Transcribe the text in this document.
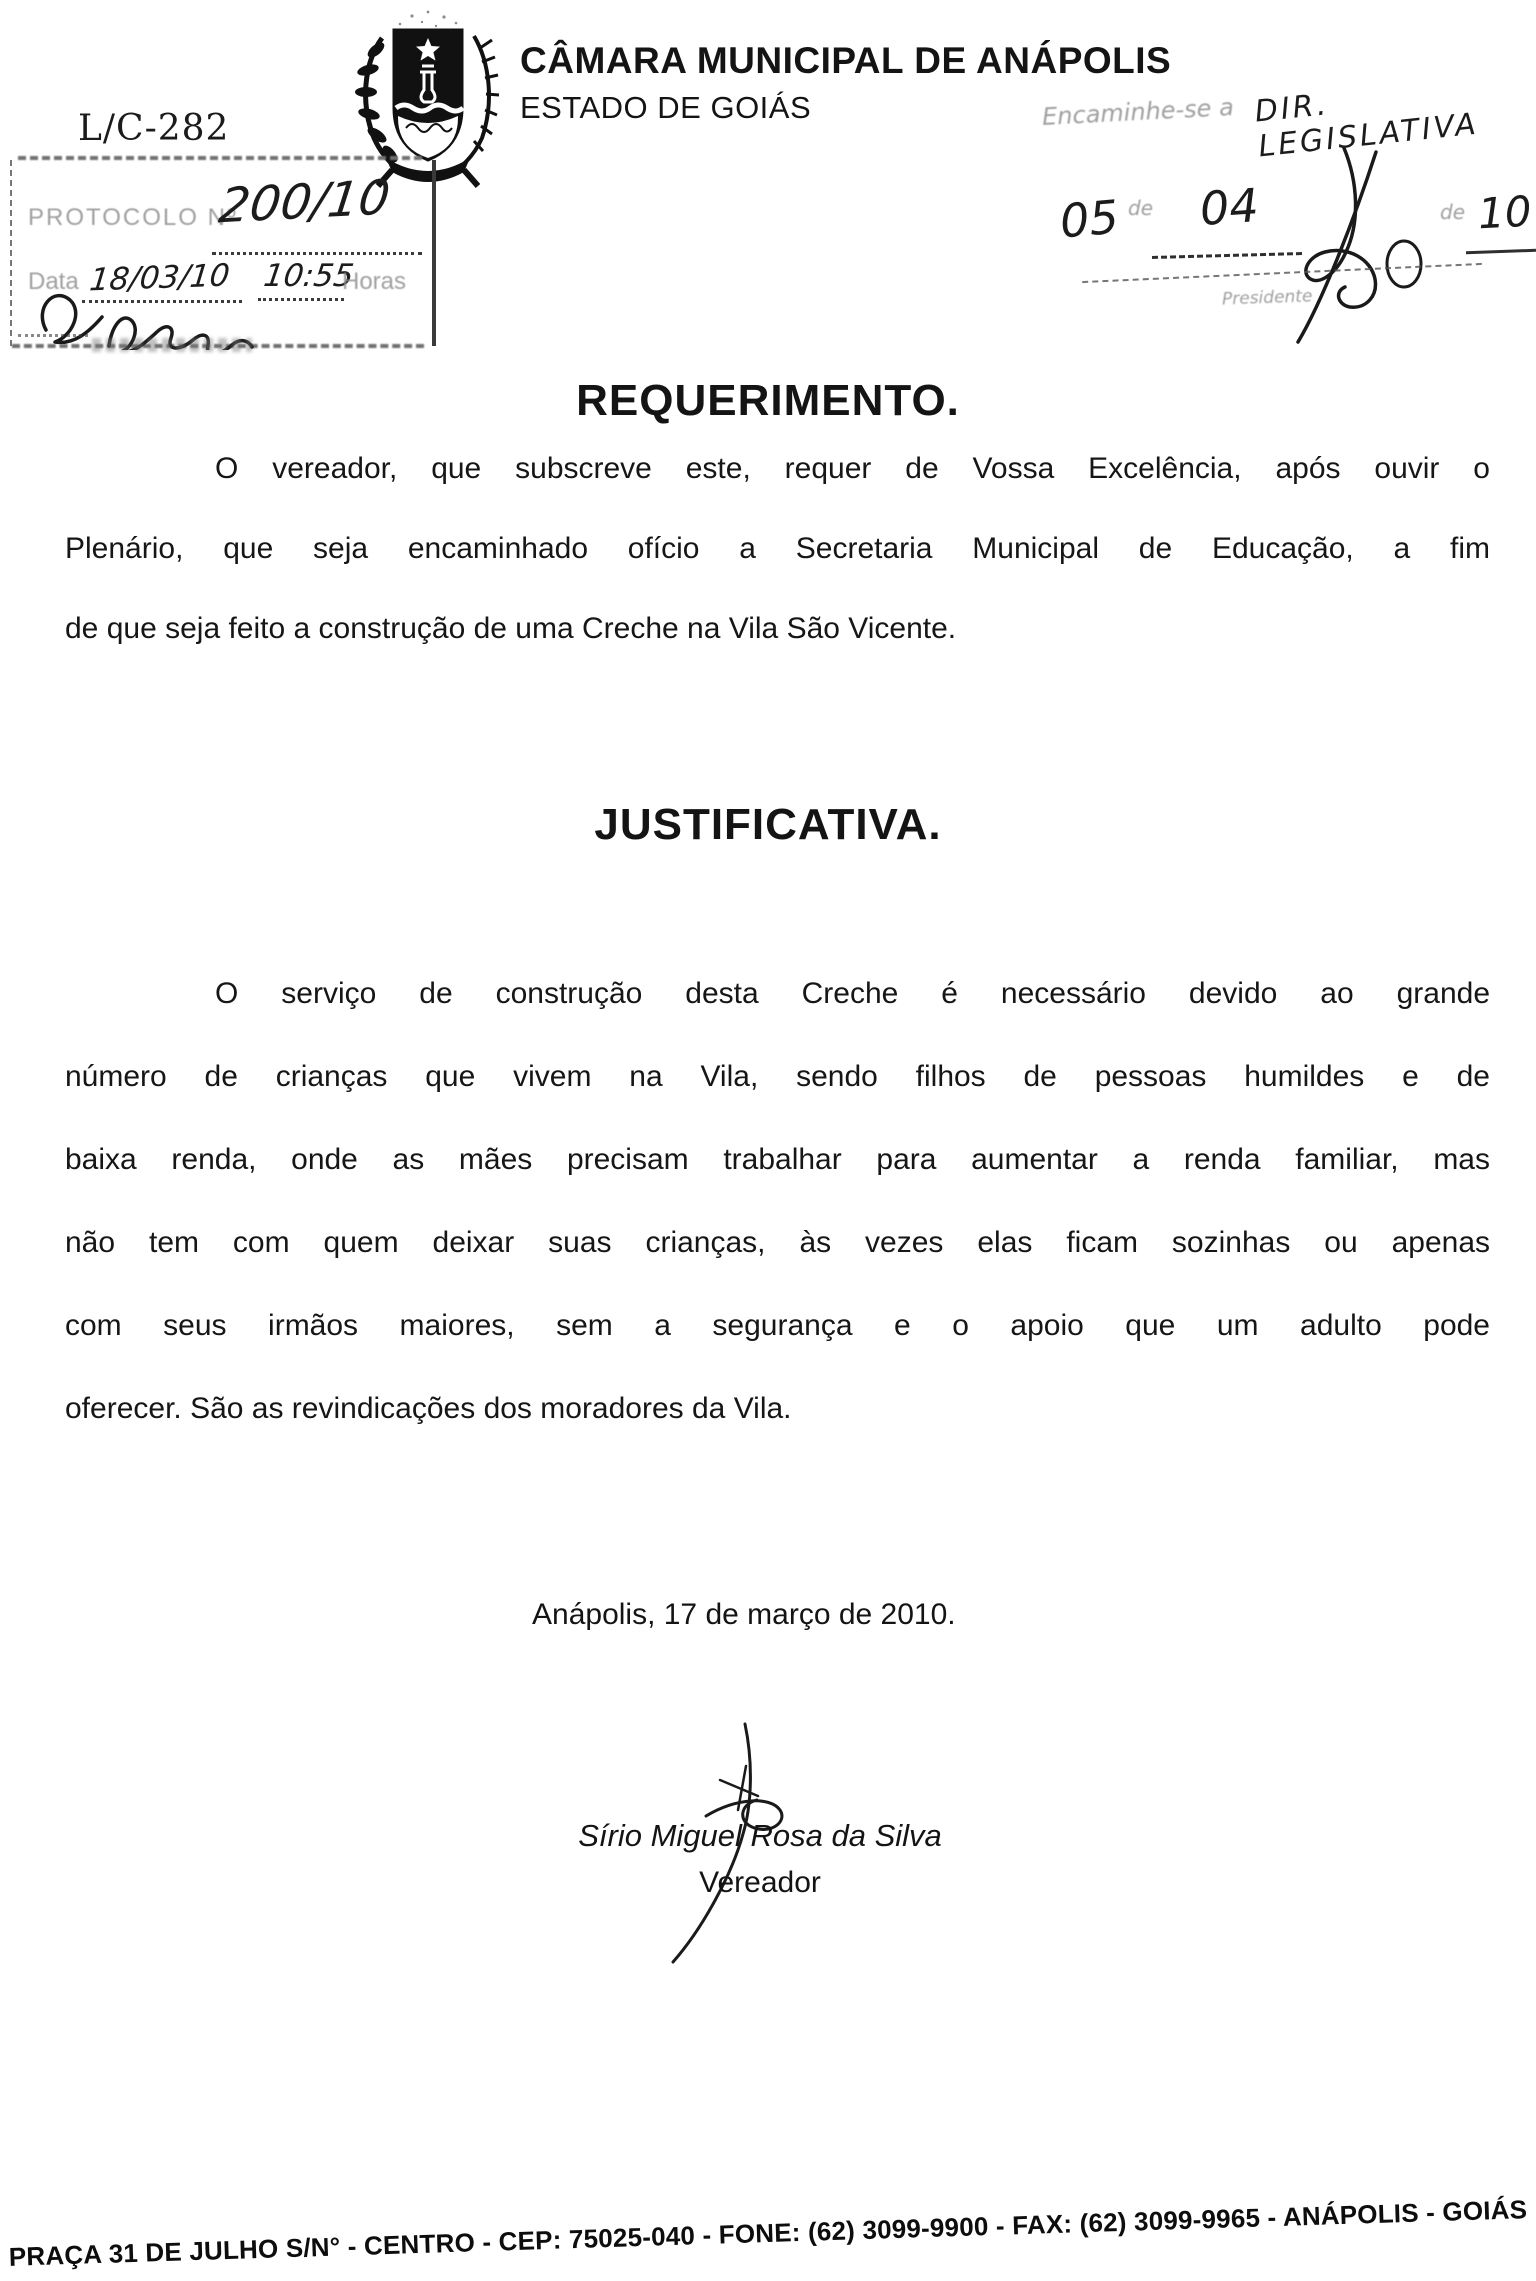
L/C-282
CÂMARA MUNICIPAL DE ANÁPOLIS
ESTADO DE GOIÁS	Encaminhe-se a DIR. LEGISLATIVA
05 de 04	de 10
Presidente
PROTOCOLO Nº
200/10
Data 18/03/10 10:55
Horas
REQUERIMENTO.
O vereador, que subscreve este, requer de Vossa Excelência, após ouvir o
Plenário, que seja encaminhado ofício a Secretaria Municipal de Educação, a fim
de que seja feito a construção de uma Creche na Vila São Vicente.
JUSTIFICATIVA.
O serviço de construção desta Creche é necessário devido ao grande
número de crianças que vivem na Vila, sendo filhos de pessoas humildes e de
baixa renda, onde as mães precisam trabalhar para aumentar a renda familiar, mas
não tem com quem deixar suas crianças, às vezes elas ficam sozinhas ou apenas
com seus irmãos maiores, sem a segurança e o apoio que um adulto pode
oferecer. São as revindicações dos moradores da Vila.
Anápolis, 17 de março de 2010.
Sírio Miguel Rosa da Silva
Vereador
PRAÇA 31 DE JULHO S/N° - CENTRO - CEP: 75025-040 - FONE: (62) 3099-9900 - FAX: (62) 3099-9965 - ANÁPOLIS - GOIÁS
